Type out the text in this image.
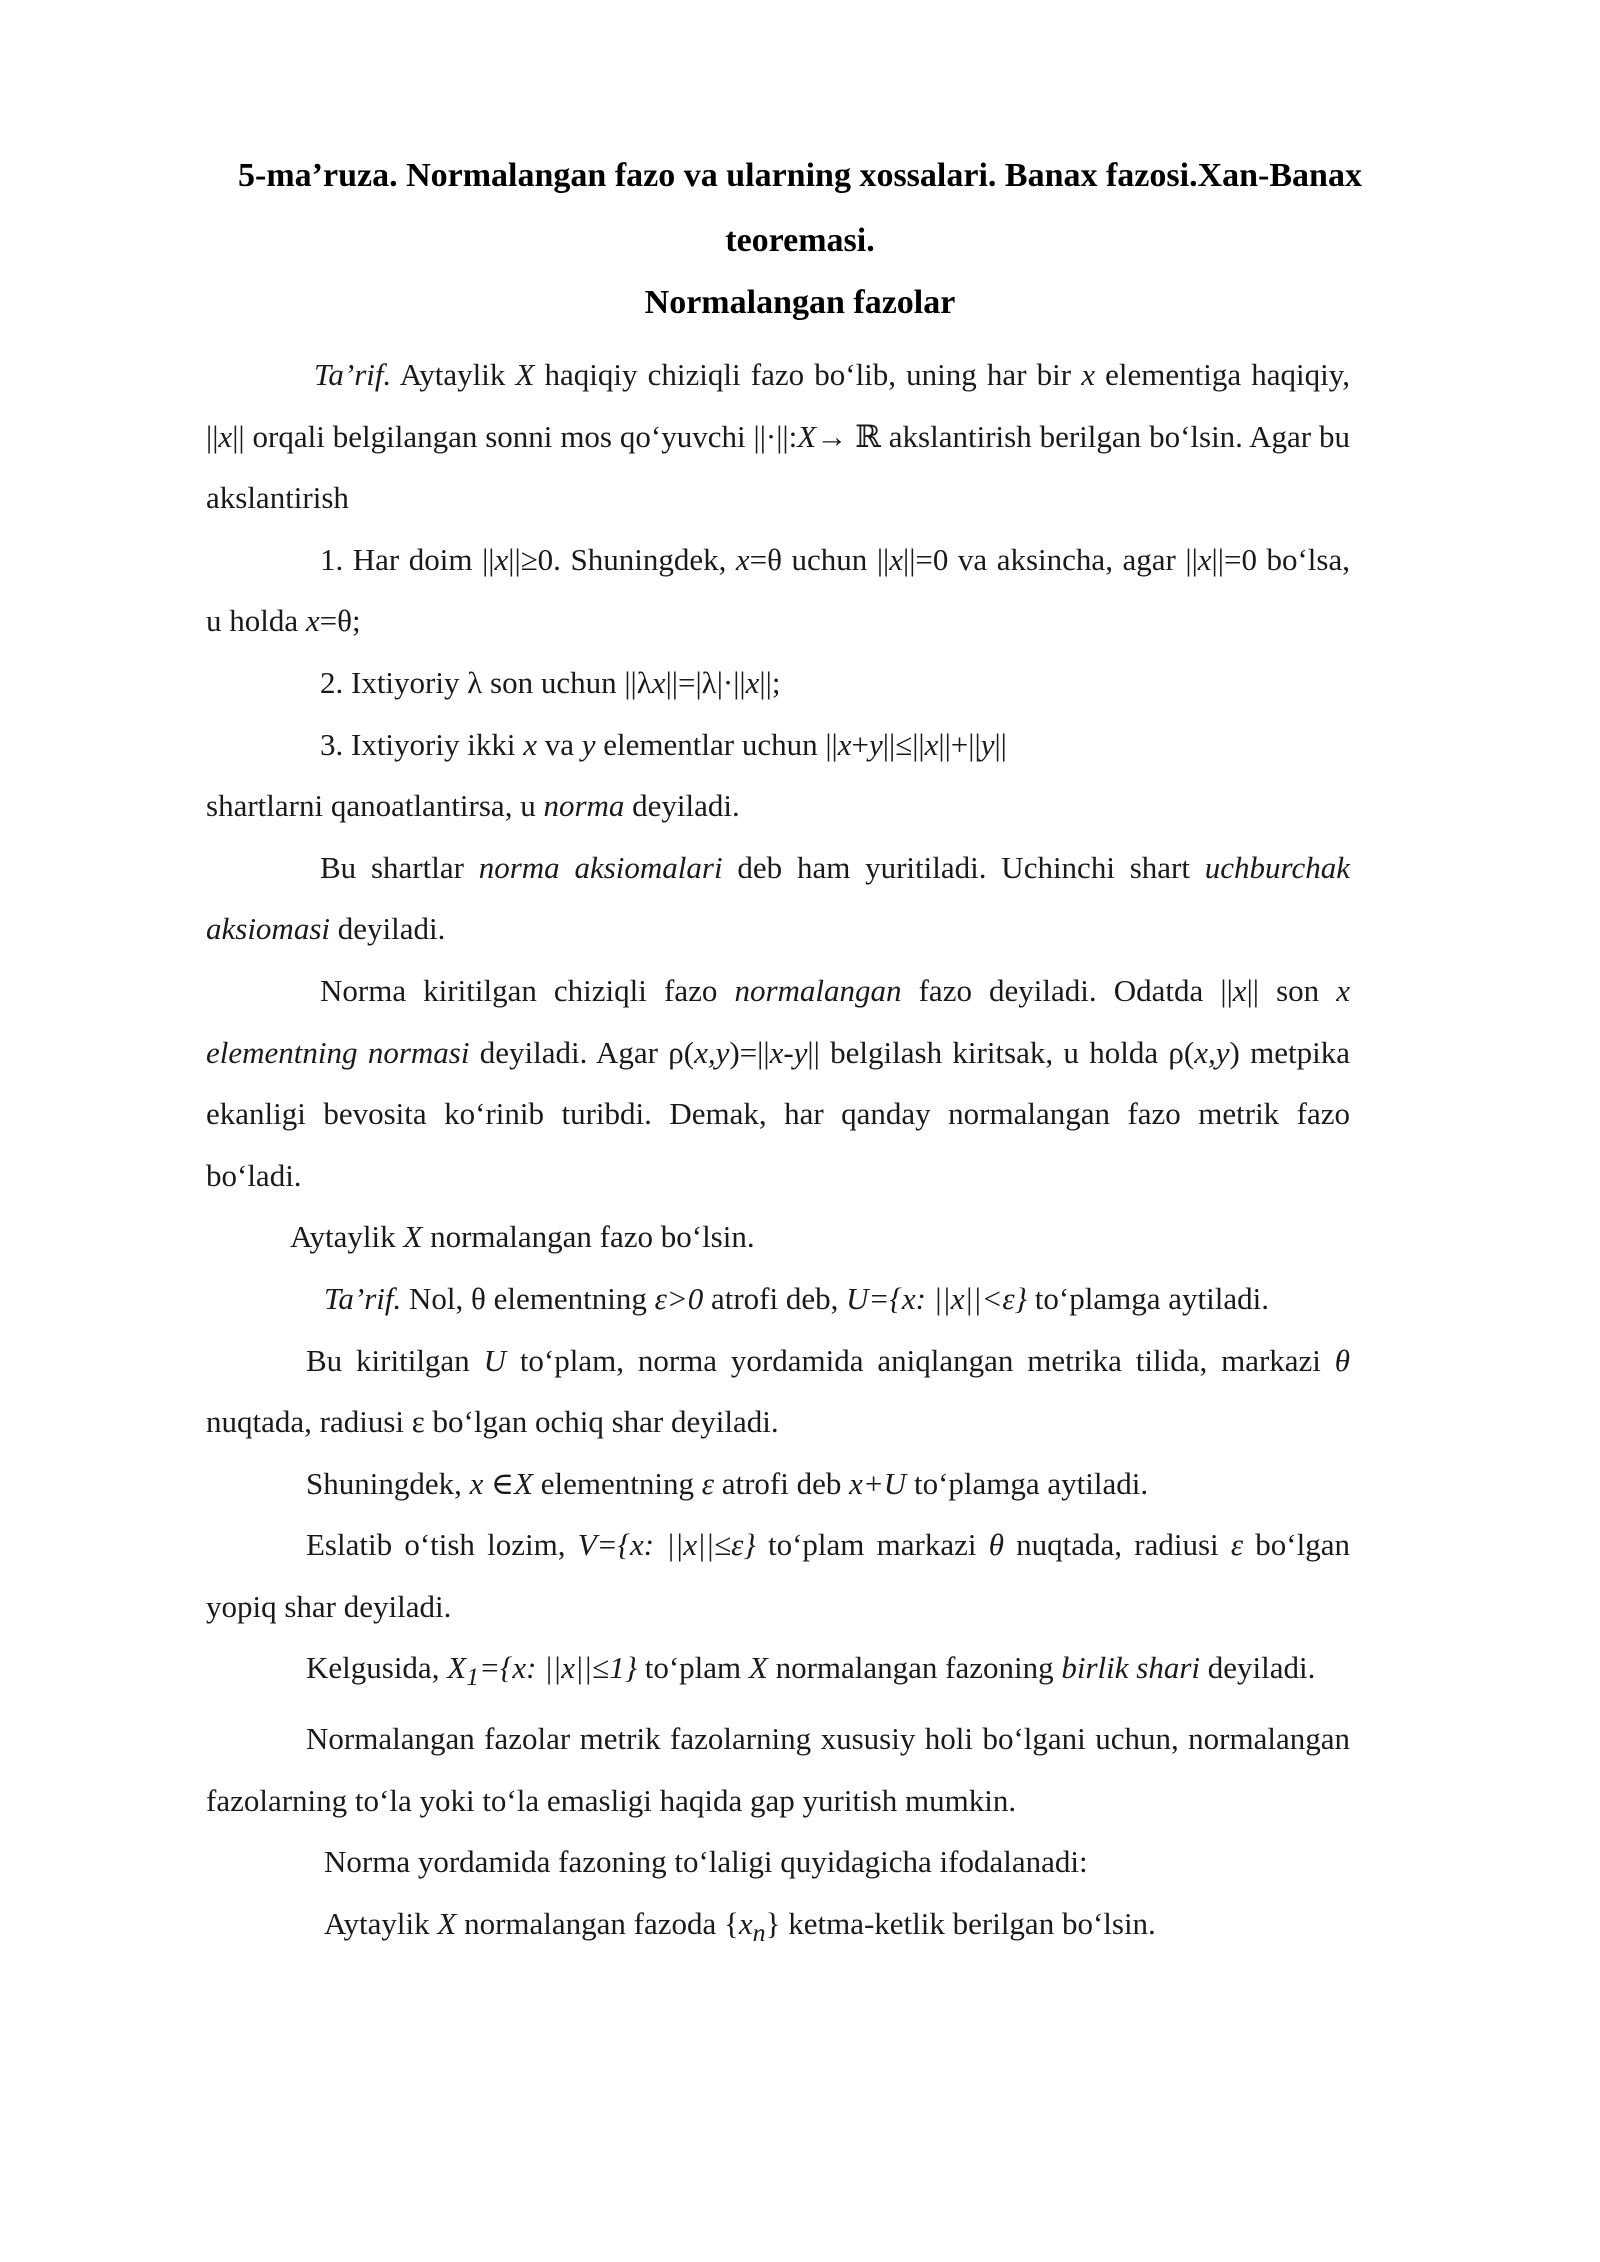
5-ma’ruza. Normalangan fazo va ularning xossalari. Banax fazosi.Xan-Banax
teoremasi.
Normalangan fazolar

Ta’rif. Aytaylik X haqiqiy chiziqli fazo bo‘lib, uning har bir x elementiga haqiqiy, ||x|| orqali belgilangan sonni mos qo‘yuvchi ||·||:X→ ℝ akslantirish berilgan bo‘lsin. Agar bu akslantirish

1. Har doim ||x||≥0. Shuningdek, x=θ uchun ||x||=0 va aksincha, agar ||x||=0 bo‘lsa, u holda x=θ;

2. Ixtiyoriy λ son uchun ||λx||=|λ|·||x||;

3. Ixtiyoriy ikki x va y elementlar uchun ||x+y||≤||x||+||y||

shartlarni qanoatlantirsa, u norma deyiladi.

Bu shartlar norma aksiomalari deb ham yuritiladi. Uchinchi shart uchburchak aksiomasi deyiladi.

Norma kiritilgan chiziqli fazo normalangan fazo deyiladi. Odatda ||x|| son x elementning normasi deyiladi. Agar ρ(x,y)=||x-y|| belgilash kiritsak, u holda ρ(x,y) metpika ekanligi bevosita ko‘rinib turibdi. Demak, har qanday normalangan fazo metrik fazo bo‘ladi.

Aytaylik X normalangan fazo bo‘lsin.

Ta’rif. Nol, θ elementning ε>0 atrofi deb, U={x: ||x||<ε} to‘plamga aytiladi.

Bu kiritilgan U to‘plam, norma yordamida aniqlangan metrika tilida, markazi θ nuqtada, radiusi ε bo‘lgan ochiq shar deyiladi.

Shuningdek, x ∈X elementning ε atrofi deb x+U to‘plamga aytiladi.

Eslatib o‘tish lozim, V={x: ||x||≤ε} to‘plam markazi θ nuqtada, radiusi ε bo‘lgan yopiq shar deyiladi.

Kelgusida, $X_1=\{x$: ||x||≤1} to‘plam X normalangan fazoning birlik shari deyiladi.

Normalangan fazolar metrik fazolarning xususiy holi bo‘lgani uchun, normalangan fazolarning to‘la yoki to‘la emasligi haqida gap yuritish mumkin.

Norma yordamida fazoning to‘laligi quyidagicha ifodalanadi:

Aytaylik X normalangan fazoda $\{x_n\}$ ketma-ketlik berilgan bo‘lsin.
